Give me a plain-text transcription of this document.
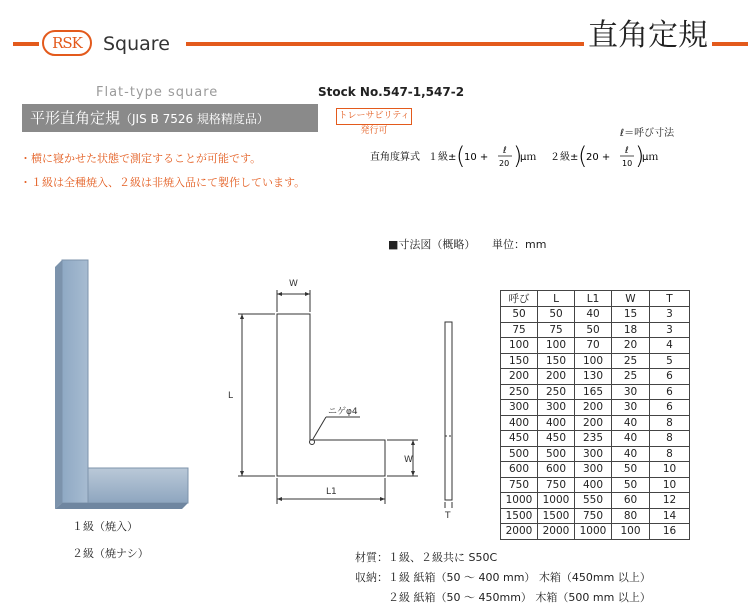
RSK	Square	直角定規
Flat-type square	Stock No.547-1,547-2
平形直角定規（JIS B 7526 規格精度品）	トレーサビリティ発行可	ℓ＝呼び寸法
・横に寝かせた状態で測定することが可能です。
・１級は全種焼入、２級は非焼入品にて製作しています。
直角度算式 １級± (
10 +
ℓ
20 )
μｍ ２級± (
20 +
ℓ
10 )
μｍ
１級（焼入）
２級（焼ナシ）
■寸法図（概略） 単位：mm
W
L
L1
W
ニゲφ4
T
呼び	L	L1	W	T
50	50	40	15	3
75	75	50	18	3
100	100	70	20	4
150	150	100	25	5
200	200	130	25	6
250	250	165	30	6
300	300	200	30	6
400	400	200	40	8
450	450	235	40	8
500	500	300	40	8
600	600	300	50	10
750	750	400	50	10
1000	1000	550	60	12
1500	1500	750	80	14
2000	2000	1000	100	16
材質：１級、２級共に S50C
収納：１級 紙箱（50 ～ 400 mm） 木箱（450mm 以上）
２級 紙箱（50 ～ 450mm） 木箱（500 mm 以上）
